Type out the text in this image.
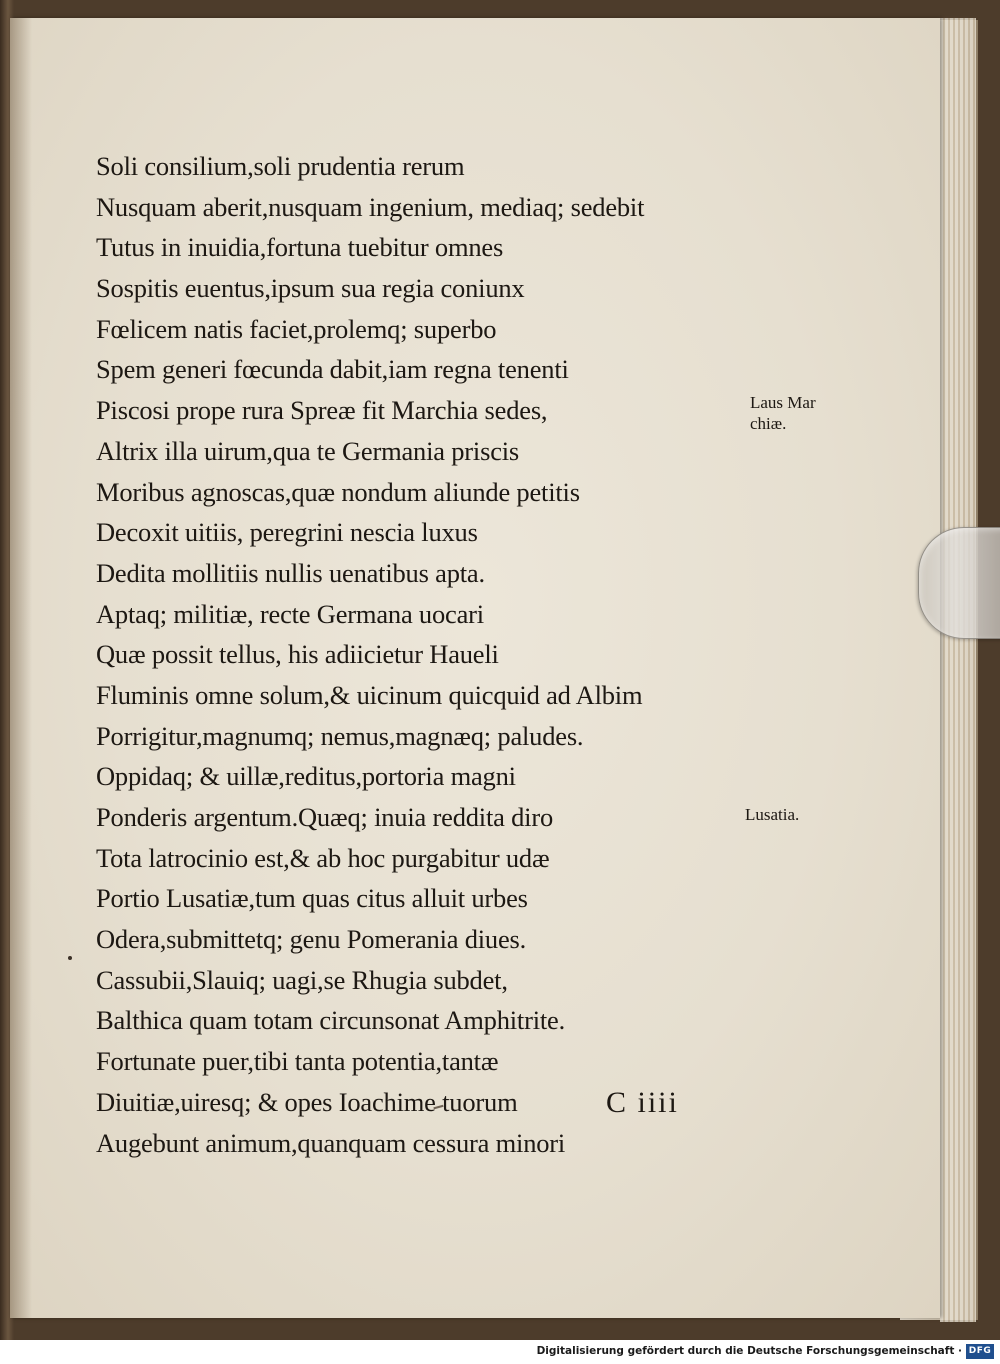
Soli consilium,soli prudentia rerum
Nusquam aberit,nusquam ingenium, mediaq; sedebit
Tutus in inuidia,fortuna tuebitur omnes
Sospitis euentus,ipsum sua regia coniunx
Fœlicem natis faciet,prolemq; superbo
Spem generi fœcunda dabit,iam regna tenenti
Piscosi prope rura Spreæ fit Marchia sedes,
Altrix illa uirum,qua te Germania priscis
Moribus agnoscas,quæ nondum aliunde petitis
Decoxit uitiis, peregrini nescia luxus
Dedita mollitiis nullis uenatibus apta.
Aptaq; militiæ, recte Germana uocari
Quæ possit tellus, his adiicietur Haueli
Fluminis omne solum,& uicinum quicquid ad Albim
Porrigitur,magnumq; nemus,magnæq; paludes.
Oppidaq; & uillæ,reditus,portoria magni
Ponderis argentum.Quæq; inuia reddita diro
Tota latrocinio est,& ab hoc purgabitur udæ
Portio Lusatiæ,tum quas citus alluit urbes
Odera,submittetq; genu Pomerania diues.
Cassubii,Slauiq; uagi,se Rhugia subdet,
Balthica quam totam circunsonat Amphitrite.
Fortunate puer,tibi tanta potentia,tantæ
Diuitiæ,uiresq; & opes Ioachime tuorum
Augebunt animum,quanquam cessura minori
Laus Mar
chiæ.
Lusatia.
C iiii
Digitalisierung gefördert durch die Deutsche Forschungsgemeinschaft · DFG
